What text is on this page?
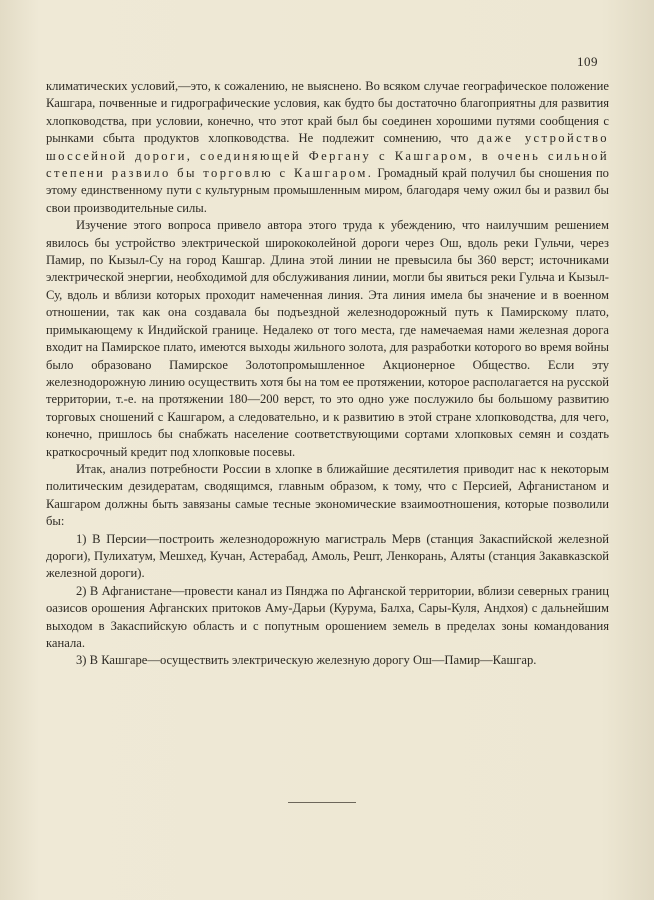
109

климатических условий,—это, к сожалению, не выяснено. Во всяком случае географическое положение Кашгара, почвенные и гидрографические условия, как будто бы достаточно благоприятны для развития хлопководства, при условии, конечно, что этот край был бы соединен хорошими путями сообщения с рынками сбыта продуктов хлопководства. Не подлежит сомнению, что даже устройство шоссейной дороги, соединяющей Фергану с Кашгаром, в очень сильной степени развило бы торговлю с Кашгаром. Громадный край получил бы сношения по этому единственному пути с культурным промышленным миром, благодаря чему ожил бы и развил бы свои производительные силы.

Изучение этого вопроса привело автора этого труда к убеждению, что наилучшим решением явилось бы устройство электрической ширококолейной дороги через Ош, вдоль реки Гульчи, через Памир, по Кызыл-Су на город Кашгар. Длина этой линии не превысила бы 360 верст; источниками электрической энергии, необходимой для обслуживания линии, могли бы явиться реки Гульча и Кызыл-Су, вдоль и вблизи которых проходит намеченная линия. Эта линия имела бы значение и в военном отношении, так как она создавала бы подъездной железнодорожный путь к Памирскому плато, примыкающему к Индийской границе. Недалеко от того места, где намечаемая нами железная дорога входит на Памирское плато, имеются выходы жильного золота, для разработки которого во время войны было образовано Памирское Золотопромышленное Акционерное Общество. Если эту железнодорожную линию осуществить хотя бы на том ее протяжении, которое располагается на русской территории, т.-е. на протяжении 180—200 верст, то это одно уже послужило бы большому развитию торговых сношений с Кашгаром, а следовательно, и к развитию в этой стране хлопководства, для чего, конечно, пришлось бы снабжать население соответствующими сортами хлопковых семян и создать краткосрочный кредит под хлопковые посевы.

Итак, анализ потребности России в хлопке в ближайшие десятилетия приводит нас к некоторым политическим дезидератам, сводящимся, главным образом, к тому, что с Персией, Афганистаном и Кашгаром должны быть завязаны самые тесные экономические взаимоотношения, которые позволили бы:

1) В Персии—построить железнодорожную магистраль Мерв (станция Закаспийской железной дороги), Пулихатум, Мешхед, Кучан, Астерабад, Амоль, Решт, Ленкорань, Аляты (станция Закавказской железной дороги).

2) В Афганистане—провести канал из Пянджа по Афганской территории, вблизи северных границ оазисов орошения Афганских притоков Аму-Дарьи (Курума, Балха, Сары-Куля, Андхоя) с дальнейшим выходом в Закаспийскую область и с попутным орошением земель в пределах зоны командования канала.

3) В Кашгаре—осуществить электрическую железную дорогу Ош—Памир—Кашгар.
